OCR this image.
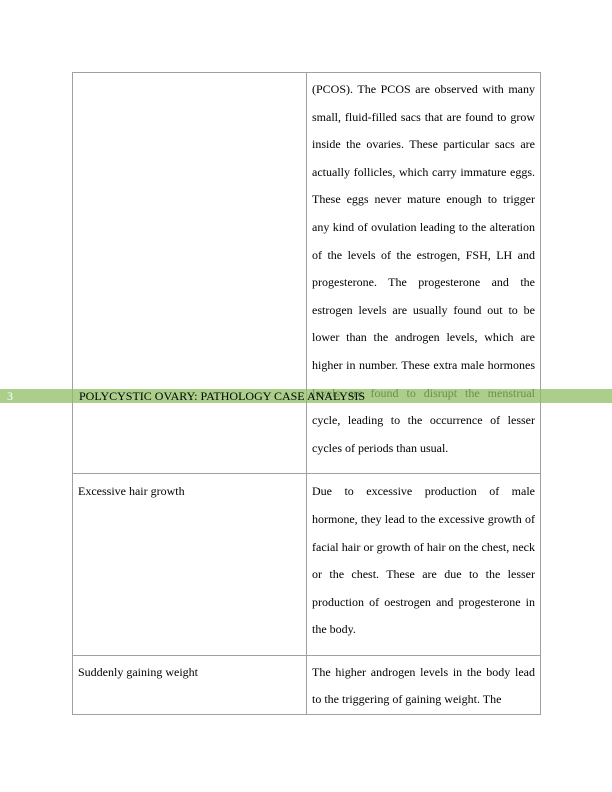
	(PCOS). The PCOS are observed with many small, fluid-filled sacs that are found to grow inside the ovaries. These particular sacs are actually follicles, which carry immature eggs. These eggs never mature enough to trigger any kind of ovulation leading to the alteration of the levels of the estrogen, FSH, LH and progesterone. The progesterone and the estrogen levels are usually found out to be lower than the androgen levels, which are higher in number. These extra male hormones cycle, leading to the occurrence of lesser cycles of periods than usual.

Excessive hair growth	Due to excessive production of male hormone, they lead to the excessive growth of facial hair or growth of hair on the chest, neck or the chest. These are due to the lesser production of oestrogen and progesterone in the body.

Suddenly gaining weight	The higher androgen levels in the body lead to the triggering of gaining weight. The
3	POLYCYSTIC OVARY: PATHOLOGY CASE ANALYSIS
